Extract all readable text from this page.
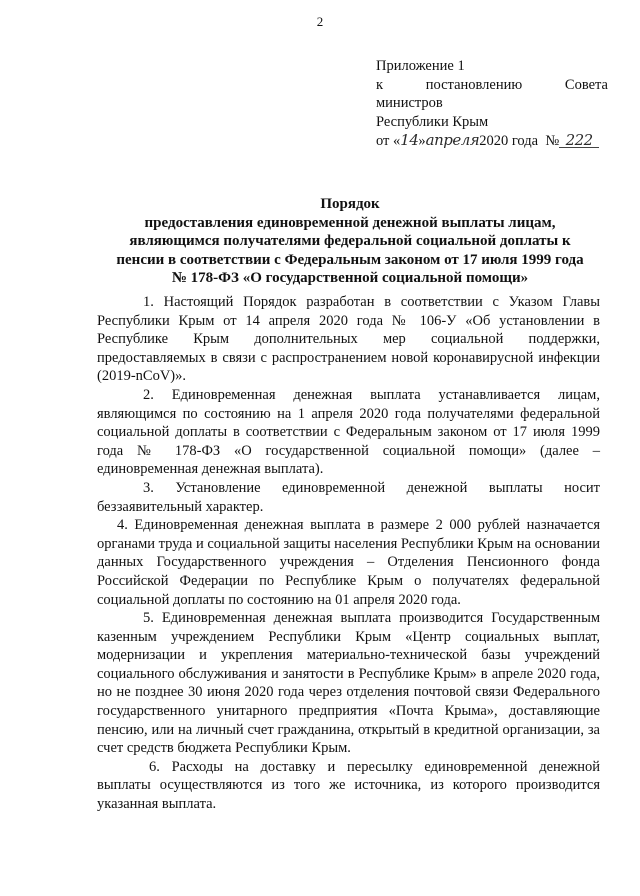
2
Приложение 1
к	постановлению	Совета
министров
Республики Крым
от «14»апреля2020 года № 222
Порядок
предоставления единовременной денежной выплаты лицам,
являющимся получателями федеральной социальной доплаты к
пенсии в соответствии с Федеральным законом от 17 июля 1999 года
№ 178-ФЗ «О государственной социальной помощи»

1. Настоящий Порядок разработан в соответствии с Указом Главы Республики Крым от 14 апреля 2020 года № 106-У «Об установлении в Республике Крым дополнительных мер социальной поддержки, предоставляемых в связи с распространением новой коронавирусной инфекции (2019-nCoV)».

2. Единовременная денежная выплата устанавливается лицам, являющимся по состоянию на 1 апреля 2020 года получателями федеральной социальной доплаты в соответствии с Федеральным законом от 17 июля 1999 года № 178-ФЗ «О государственной социальной помощи» (далее – единовременная денежная выплата).

3. Установление единовременной денежной выплаты носит беззаявительный характер.

4. Единовременная денежная выплата в размере 2 000 рублей назначается органами труда и социальной защиты населения Республики Крым на основании данных Государственного учреждения – Отделения Пенсионного фонда Российской Федерации по Республике Крым о получателях федеральной социальной доплаты по состоянию на 01 апреля 2020 года.

5. Единовременная денежная выплата производится Государственным казенным учреждением Республики Крым «Центр социальных выплат, модернизации и укрепления материально-технической базы учреждений социального обслуживания и занятости в Республике Крым» в апреле 2020 года, но не позднее 30 июня 2020 года через отделения почтовой связи Федерального государственного унитарного предприятия «Почта Крыма», доставляющие пенсию, или на личный счет гражданина, открытый в кредитной организации, за счет средств бюджета Республики Крым.

6. Расходы на доставку и пересылку единовременной денежной выплаты осуществляются из того же источника, из которого производится указанная выплата.
